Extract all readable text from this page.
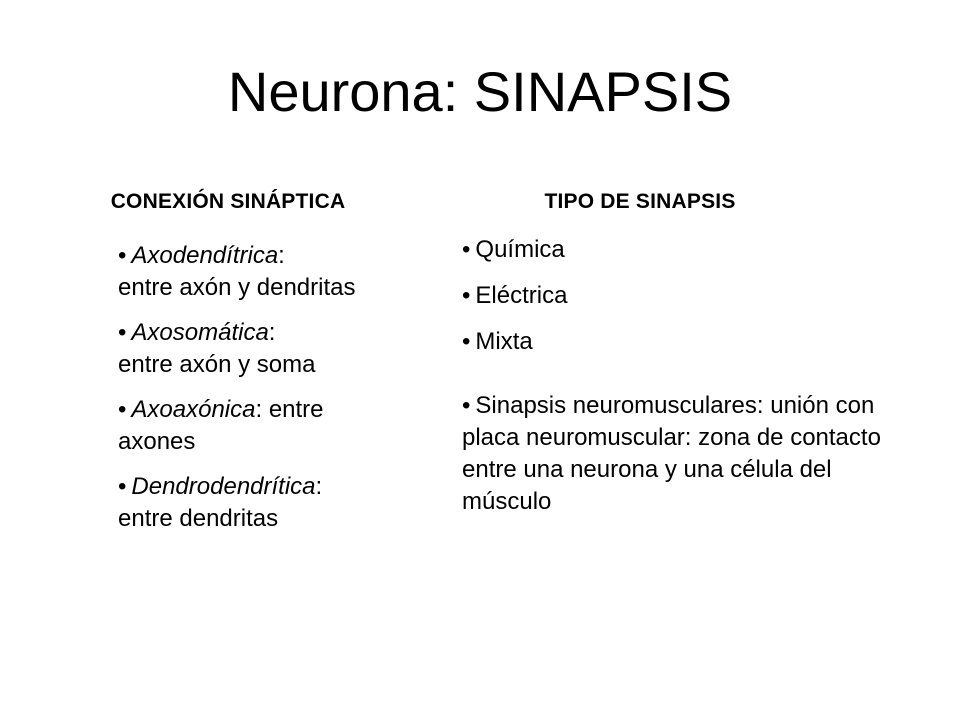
Neurona: SINAPSIS
CONEXIÓN SINÁPTICA	TIPO DE SINAPSIS
• Axodendítrica:
entre axón y dendritas
• Axosomática:
entre axón y soma
• Axoaxónica: entre
axones
• Dendrodendrítica:
entre dendritas
• Química
• Eléctrica
• Mixta
• Sinapsis neuromusculares: unión con placa neuromuscular: zona de contacto entre una neurona y una célula del músculo
